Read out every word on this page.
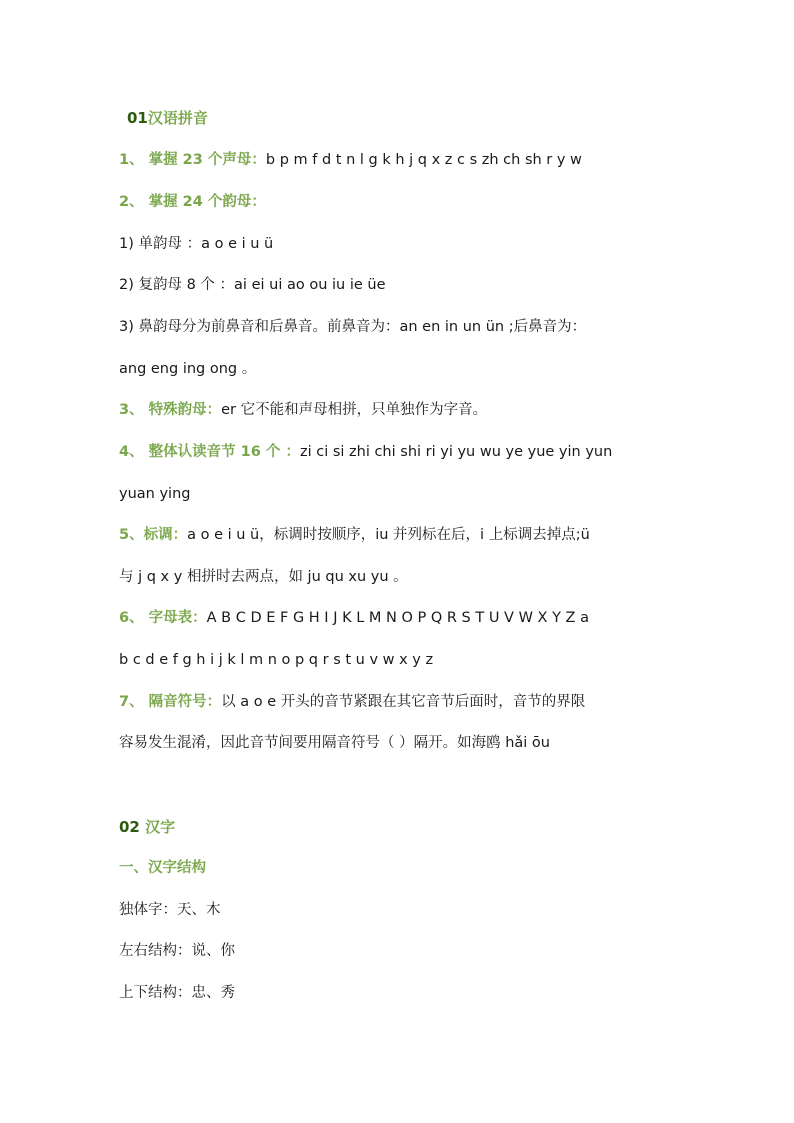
01汉语拼音
1、 掌握 23 个声母：b p m f d t n l g k h j q x z c s zh ch sh r y w
2、 掌握 24 个韵母：
1) 单韵母 ：a o e i u ü
2) 复韵母 8 个 ：ai ei ui ao ou iu ie üe
3) 鼻韵母分为前鼻音和后鼻音。前鼻音为：an en in un ün ;后鼻音为：
ang eng ing ong 。
3、 特殊韵母：er 它不能和声母相拼，只单独作为字音。
4、 整体认读音节 16 个 ：zi ci si zhi chi shi ri yi yu wu ye yue yin yun
yuan ying
5、标调：a o e i u ü，标调时按顺序，iu 并列标在后，i 上标调去掉点;ü
与 j q x y 相拼时去两点，如 ju qu xu yu 。
6、 字母表：A B C D E F G H I J K L M N O P Q R S T U V W X Y Z a
b c d e f g h i j k l m n o p q r s t u v w x y z
7、 隔音符号：以 a o e 开头的音节紧跟在其它音节后面时，音节的界限
容易发生混淆，因此音节间要用隔音符号（ ）隔开。如海鸥 hǎi ōu
02 汉字
一、汉字结构
独体字：天、木
左右结构：说、你
上下结构：忠、秀
